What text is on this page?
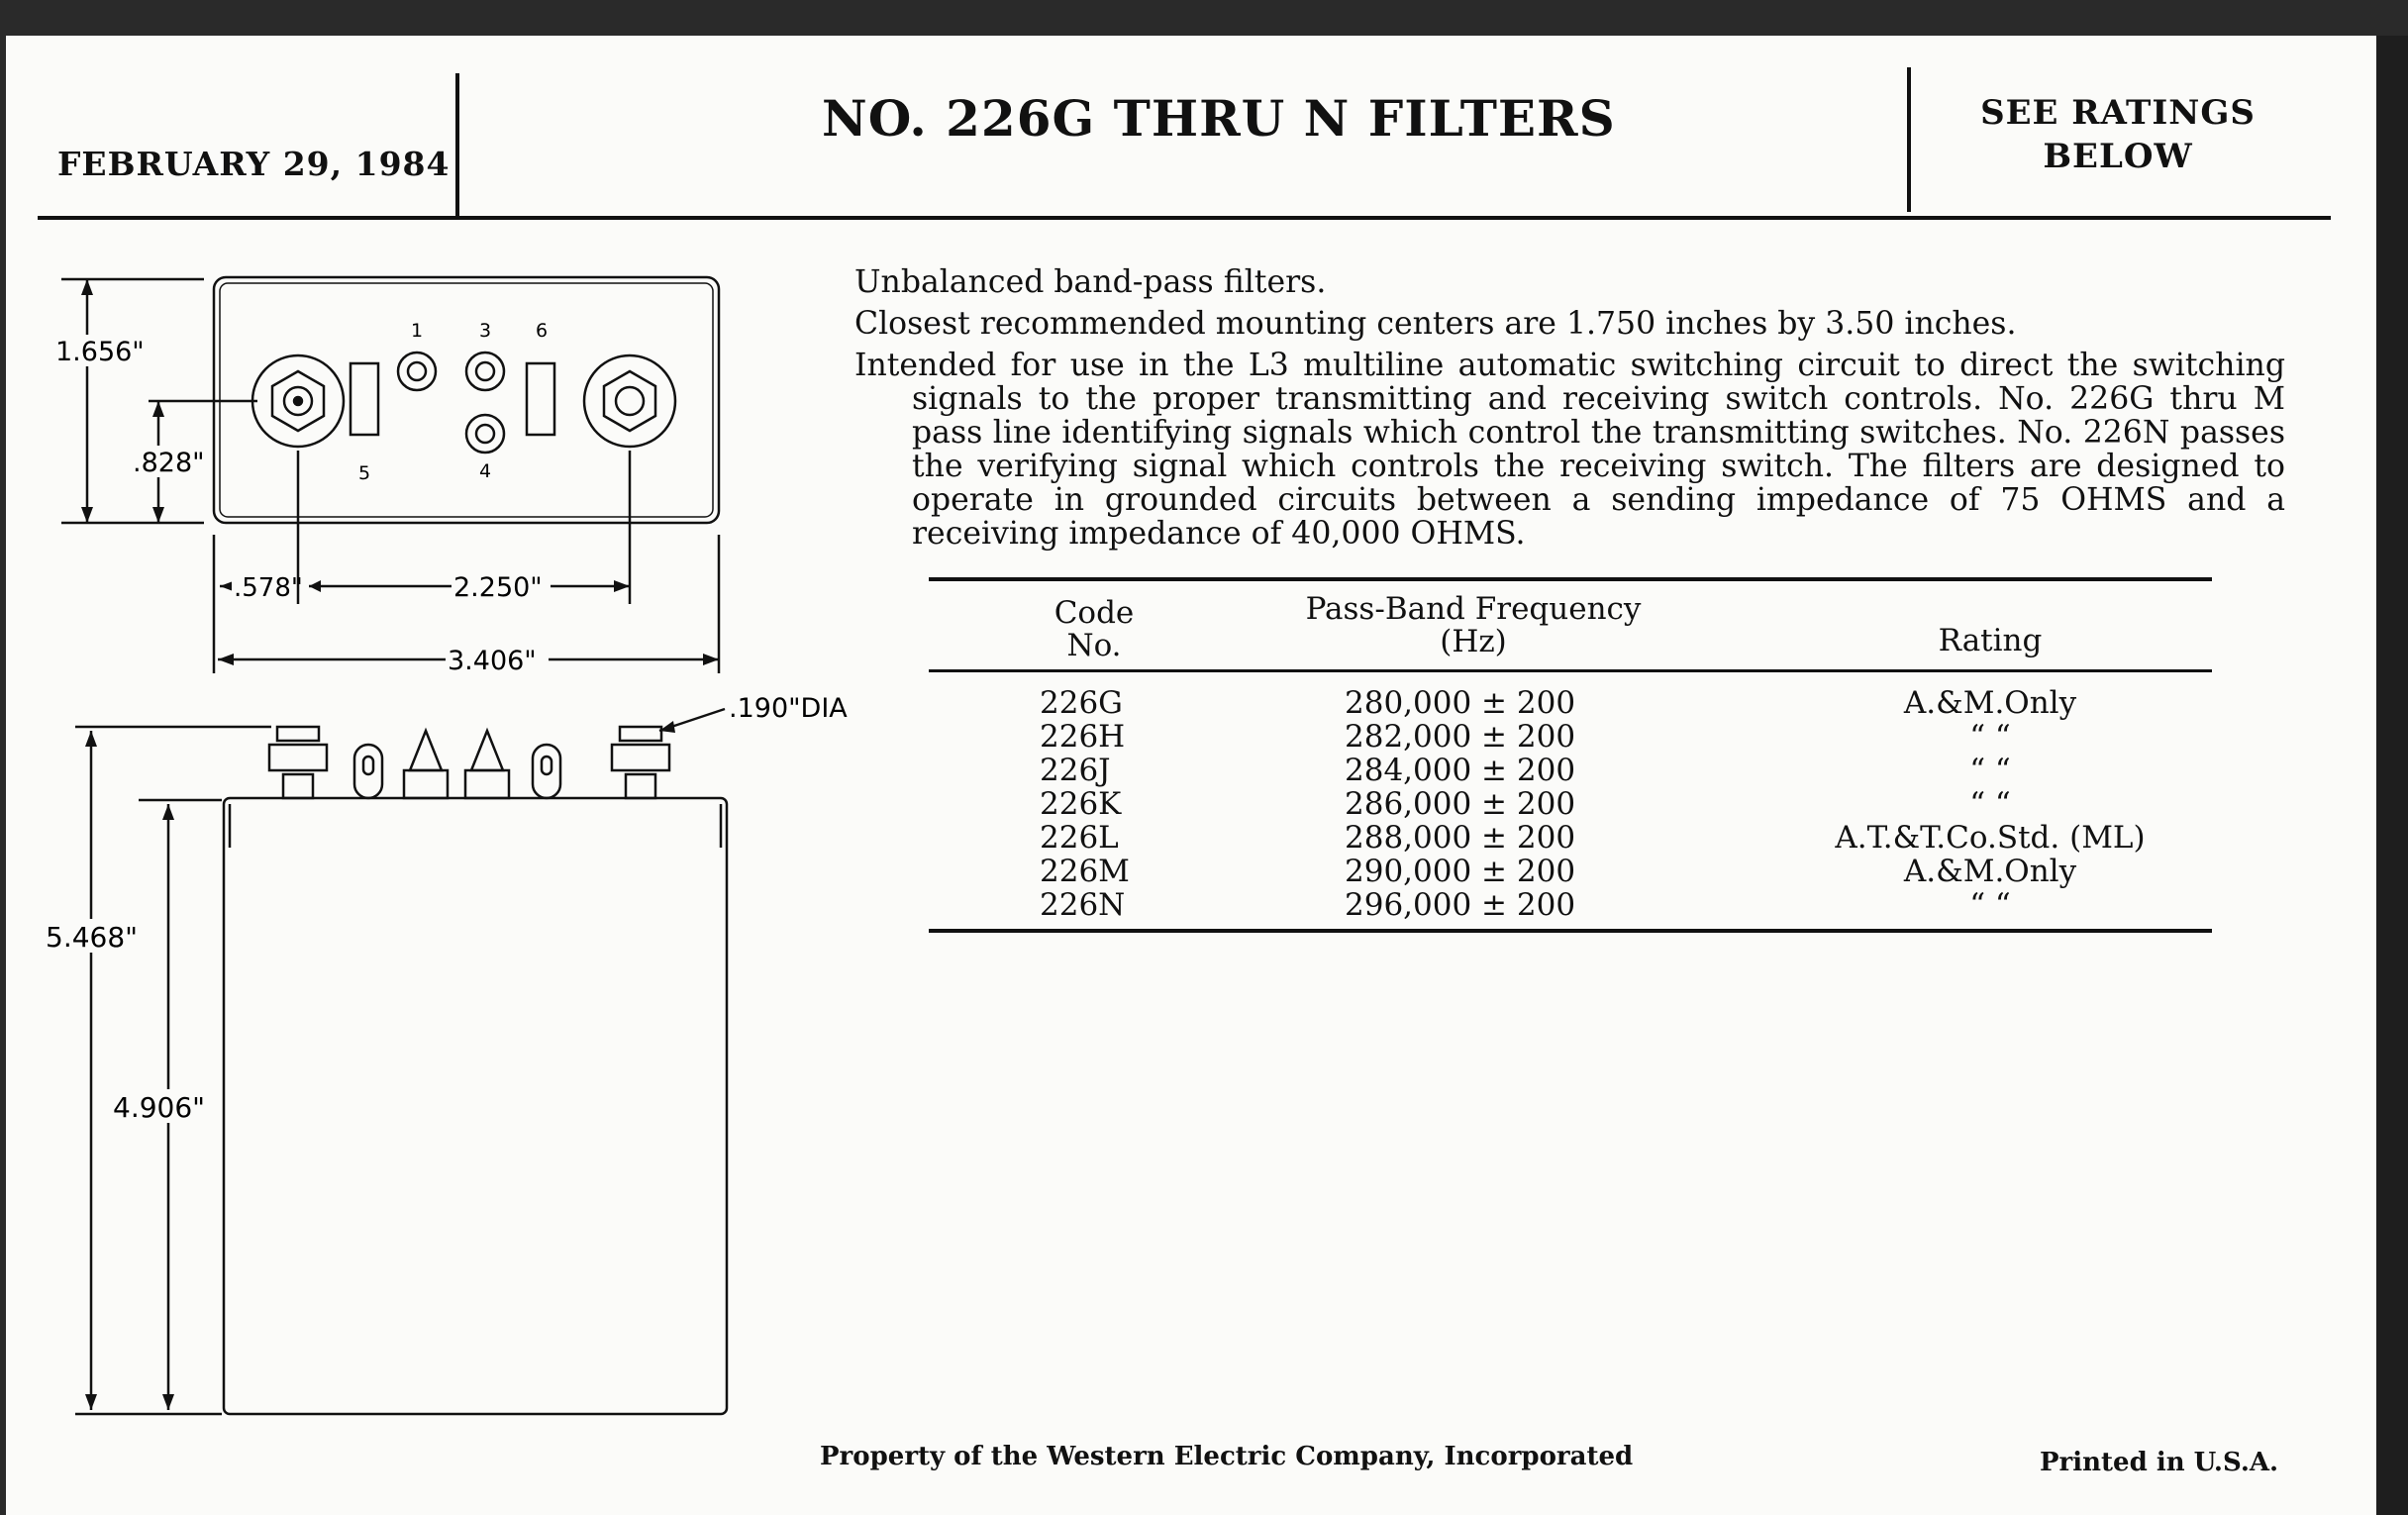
FEBRUARY 29, 1984
NO. 226G THRU N FILTERS	SEE RATINGS
BELOW
1.656"
.828"
.578"	2.250"
3.406"
.190"DIA
5.468"
4.906"
1	3 6
5	4

Unbalanced band-pass filters.

Closest recommended mounting centers are 1.750 inches by 3.50 inches.

Intended for use in the L3 multiline automatic switching circuit to direct the switching signals to the proper transmitting and receiving switch controls. No. 226G thru M pass line identifying signals which control the transmitting switches. No. 226N passes the verifying signal which controls the receiving switch. The filters are designed to operate in grounded circuits between a sending impedance of 75 OHMS and a receiving impedance of 40,000 OHMS.

Code
No.
Pass-Band Frequency
(Hz)	Rating
226G	280,000 ± 200	A.&M.Only
226H	282,000 ± 200	“ “
226J	284,000 ± 200	“ “
226K	286,000 ± 200	“ “
226L	288,000 ± 200	A.T.&T.Co.Std. (ML)
226M	290,000 ± 200	A.&M.Only
226N	296,000 ± 200	“ “
Property of the Western Electric Company, Incorporated	Printed in U.S.A.
